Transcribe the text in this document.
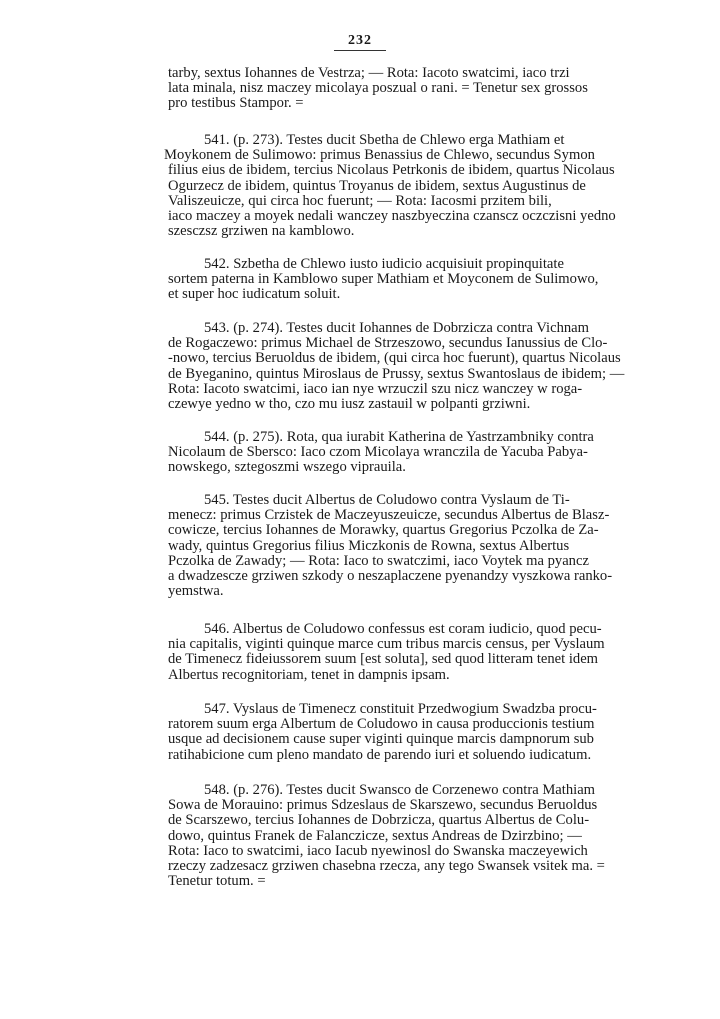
232

tarby, sextus Iohannes de Vestrza; — Rota: Iacoto swatcimi, iaco trzi

lata minala, nisz maczey micolaya poszual o rani. = Tenetur sex grossos

pro testibus Stampor. =

541. (p. 273). Testes ducit Sbetha de Chlewo erga Mathiam et

Moykonem de Sulimowo: primus Benassius de Chlewo, secundus Symon

filius eius de ibidem, tercius Nicolaus Petrkonis de ibidem, quartus Nicolaus

Ogurzecz de ibidem, quintus Troyanus de ibidem, sextus Augustinus de

Valiszeuicze, qui circa hoc fuerunt; — Rota: Iacosmi przitem bili,

iaco maczey a moyek nedali wanczey naszbyeczina czanscz oczczisni yedno

szesczsz grziwen na kamblowo.

542. Szbetha de Chlewo iusto iudicio acquisiuit propinquitate

sortem paterna in Kamblowo super Mathiam et Moyconem de Sulimowo,

et super hoc iudicatum soluit.

543. (p. 274). Testes ducit Iohannes de Dobrzicza contra Vichnam

de Rogaczewo: primus Michael de Strzeszowo, secundus Ianussius de Clo-

-nowo, tercius Beruoldus de ibidem, (qui circa hoc fuerunt), quartus Nicolaus

de Byeganino, quintus Miroslaus de Prussy, sextus Swantoslaus de ibidem; —

Rota: Iacoto swatcimi, iaco ian nye wrzuczil szu nicz wanczey w roga-

czewye yedno w tho, czo mu iusz zastauil w polpanti grziwni.

544. (p. 275). Rota, qua iurabit Katherina de Yastrzambniky contra

Nicolaum de Sbersco: Iaco czom Micolaya wranczila de Yacuba Pabya-

nowskego, sztegoszmi wszego viprauila.

545. Testes ducit Albertus de Coludowo contra Vyslaum de Ti-

menecz: primus Crzistek de Maczeyuszeuicze, secundus Albertus de Blasz-

cowicze, tercius Iohannes de Morawky, quartus Gregorius Pczolka de Za-

wady, quintus Gregorius filius Miczkonis de Rowna, sextus Albertus

Pczolka de Zawady; — Rota: Iaco to swatczimi, iaco Voytek ma pyancz

a dwadzescze grziwen szkody o neszaplaczene pyenandzy vyszkowa ranko-

yemstwa.

546. Albertus de Coludowo confessus est coram iudicio, quod pecu-

nia capitalis, viginti quinque marce cum tribus marcis census, per Vyslaum

de Timenecz fideiussorem suum [est soluta], sed quod litteram tenet idem

Albertus recognitoriam, tenet in dampnis ipsam.

547. Vyslaus de Timenecz constituit Przedwogium Swadzba procu-

ratorem suum erga Albertum de Coludowo in causa produccionis testium

usque ad decisionem cause super viginti quinque marcis dampnorum sub

ratihabicione cum pleno mandato de parendo iuri et soluendo iudicatum.

548. (p. 276). Testes ducit Swansco de Corzenewo contra Mathiam

Sowa de Morauino: primus Sdzeslaus de Skarszewo, secundus Beruoldus

de Scarszewo, tercius Iohannes de Dobrzicza, quartus Albertus de Colu-

dowo, quintus Franek de Falanczicze, sextus Andreas de Dzirzbino; —

Rota: Iaco to swatcimi, iaco Iacub nyewinosl do Swanska maczeyewich

rzeczy zadzesacz grziwen chasebna rzecza, any tego Swansek vsitek ma. =

Tenetur totum. =
